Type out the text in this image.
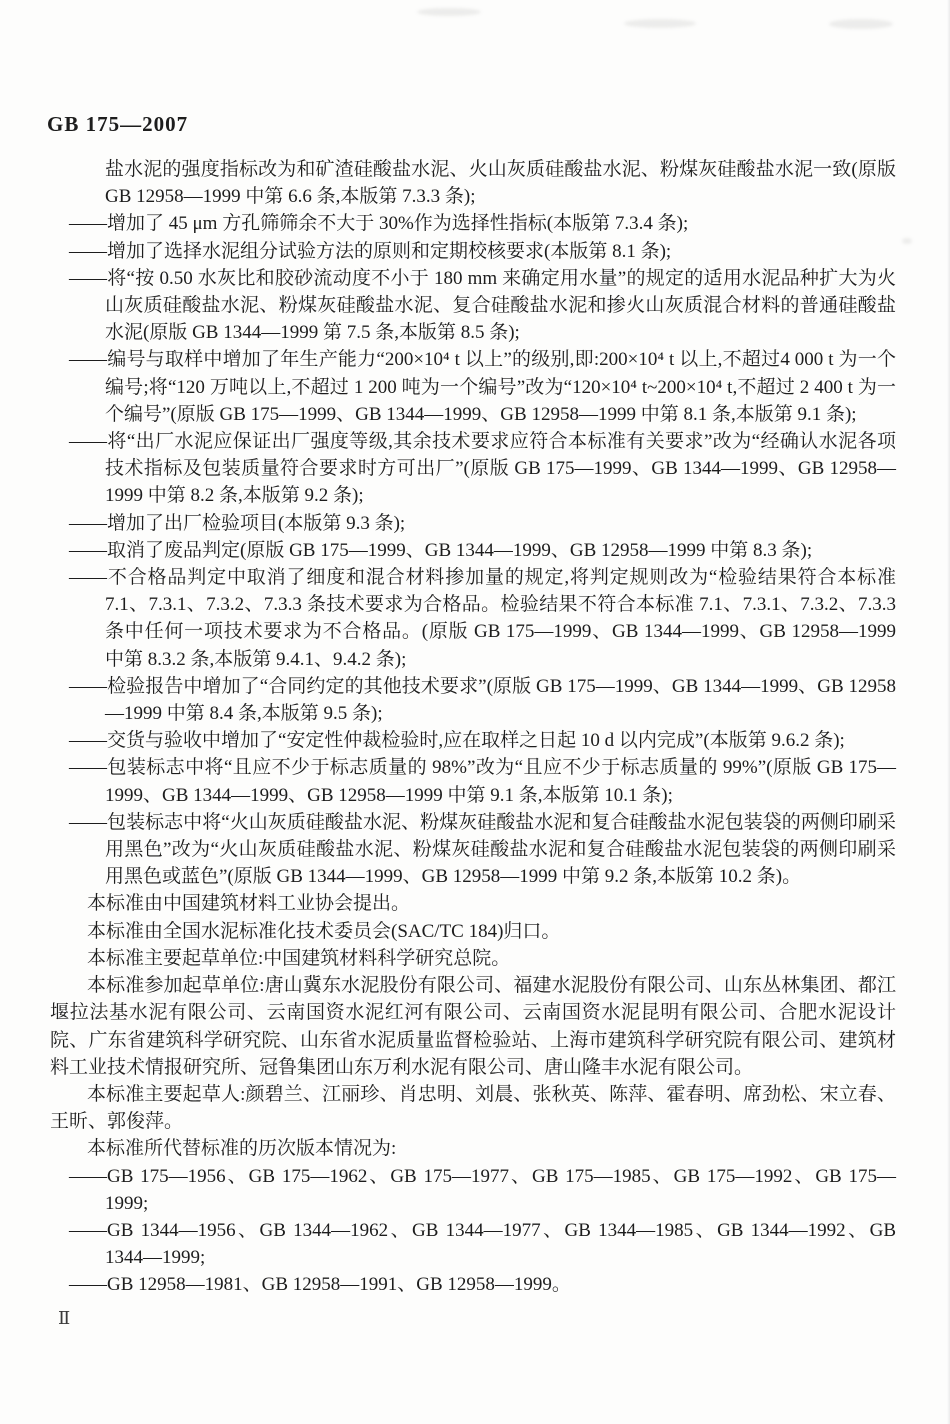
GB 175—2007
盐水泥的强度指标改为和矿渣硅酸盐水泥、火山灰质硅酸盐水泥、粉煤灰硅酸盐水泥一致(原版 GB 12958—1999 中第 6.6 条,本版第 7.3.3 条);
——增加了 45 μm 方孔筛筛余不大于 30%作为选择性指标(本版第 7.3.4 条);
——增加了选择水泥组分试验方法的原则和定期校核要求(本版第 8.1 条);
——将“按 0.50 水灰比和胶砂流动度不小于 180 mm 来确定用水量”的规定的适用水泥品种扩大为火山灰质硅酸盐水泥、粉煤灰硅酸盐水泥、复合硅酸盐水泥和掺火山灰质混合材料的普通硅酸盐水泥(原版 GB 1344—1999 第 7.5 条,本版第 8.5 条);
——编号与取样中增加了年生产能力“200×10⁴ t 以上”的级别,即:200×10⁴ t 以上,不超过4 000 t 为一个编号;将“120 万吨以上,不超过 1 200 吨为一个编号”改为“120×10⁴ t~200×10⁴ t,不超过 2 400 t 为一个编号”(原版 GB 175—1999、GB 1344—1999、GB 12958—1999 中第 8.1 条,本版第 9.1 条);
——将“出厂水泥应保证出厂强度等级,其余技术要求应符合本标准有关要求”改为“经确认水泥各项技术指标及包装质量符合要求时方可出厂”(原版 GB 175—1999、GB 1344—1999、GB 12958—1999 中第 8.2 条,本版第 9.2 条);
——增加了出厂检验项目(本版第 9.3 条);
——取消了废品判定(原版 GB 175—1999、GB 1344—1999、GB 12958—1999 中第 8.3 条);
——不合格品判定中取消了细度和混合材料掺加量的规定,将判定规则改为“检验结果符合本标准 7.1、7.3.1、7.3.2、7.3.3 条技术要求为合格品。检验结果不符合本标准 7.1、7.3.1、7.3.2、7.3.3 条中任何一项技术要求为不合格品。(原版 GB 175—1999、GB 1344—1999、GB 12958—1999 中第 8.3.2 条,本版第 9.4.1、9.4.2 条);
——检验报告中增加了“合同约定的其他技术要求”(原版 GB 175—1999、GB 1344—1999、GB 12958—1999 中第 8.4 条,本版第 9.5 条);
——交货与验收中增加了“安定性仲裁检验时,应在取样之日起 10 d 以内完成”(本版第 9.6.2 条);
——包装标志中将“且应不少于标志质量的 98%”改为“且应不少于标志质量的 99%”(原版 GB 175—1999、GB 1344—1999、GB 12958—1999 中第 9.1 条,本版第 10.1 条);
——包装标志中将“火山灰质硅酸盐水泥、粉煤灰硅酸盐水泥和复合硅酸盐水泥包装袋的两侧印刷采用黑色”改为“火山灰质硅酸盐水泥、粉煤灰硅酸盐水泥和复合硅酸盐水泥包装袋的两侧印刷采用黑色或蓝色”(原版 GB 1344—1999、GB 12958—1999 中第 9.2 条,本版第 10.2 条)。
本标准由中国建筑材料工业协会提出。
本标准由全国水泥标准化技术委员会(SAC/TC 184)归口。
本标准主要起草单位:中国建筑材料科学研究总院。
本标准参加起草单位:唐山冀东水泥股份有限公司、福建水泥股份有限公司、山东丛林集团、都江堰拉法基水泥有限公司、云南国资水泥红河有限公司、云南国资水泥昆明有限公司、合肥水泥设计院、广东省建筑科学研究院、山东省水泥质量监督检验站、上海市建筑科学研究院有限公司、建筑材料工业技术情报研究所、冠鲁集团山东万利水泥有限公司、唐山隆丰水泥有限公司。
本标准主要起草人:颜碧兰、江丽珍、肖忠明、刘晨、张秋英、陈萍、霍春明、席劲松、宋立春、王昕、郭俊萍。
本标准所代替标准的历次版本情况为:
——GB 175—1956、GB 175—1962、GB 175—1977、GB 175—1985、GB 175—1992、GB 175—1999;
——GB 1344—1956、GB 1344—1962、GB 1344—1977、GB 1344—1985、GB 1344—1992、GB 1344—1999;
——GB 12958—1981、GB 12958—1991、GB 12958—1999。
Ⅱ
